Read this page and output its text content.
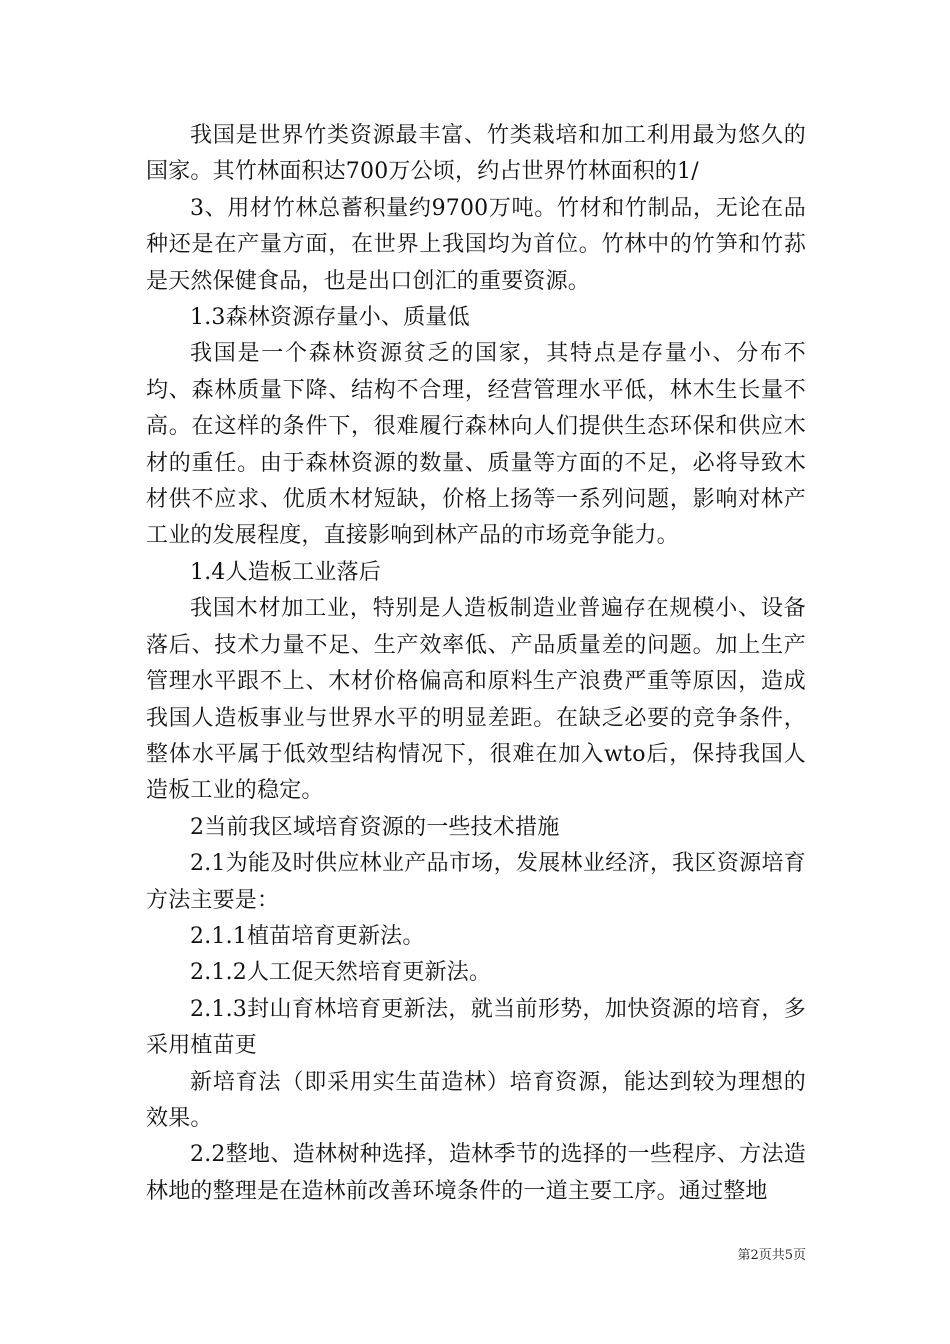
我国是世界竹类资源最丰富、竹类栽培和加工利用最为悠久的国家。其竹林面积达700万公顷，约占世界竹林面积的1/

3、用材竹林总蓄积量约9700万吨。竹材和竹制品，无论在品种还是在产量方面，在世界上我国均为首位。竹林中的竹笋和竹荪是天然保健食品，也是出口创汇的重要资源。

1.3森林资源存量小、质量低

我国是一个森林资源贫乏的国家，其特点是存量小、分布不均、森林质量下降、结构不合理，经营管理水平低，林木生长量不高。在这样的条件下，很难履行森林向人们提供生态环保和供应木材的重任。由于森林资源的数量、质量等方面的不足，必将导致木材供不应求、优质木材短缺，价格上扬等一系列问题，影响对林产工业的发展程度，直接影响到林产品的市场竞争能力。

1.4人造板工业落后

我国木材加工业，特别是人造板制造业普遍存在规模小、设备落后、技术力量不足、生产效率低、产品质量差的问题。加上生产管理水平跟不上、木材价格偏高和原料生产浪费严重等原因，造成我国人造板事业与世界水平的明显差距。在缺乏必要的竞争条件，整体水平属于低效型结构情况下，很难在加入wto后，保持我国人造板工业的稳定。

2当前我区域培育资源的一些技术措施

2.1为能及时供应林业产品市场，发展林业经济，我区资源培育方法主要是：

2.1.1植苗培育更新法。

2.1.2人工促天然培育更新法。

2.1.3封山育林培育更新法，就当前形势，加快资源的培育，多采用植苗更

新培育法（即采用实生苗造林）培育资源，能达到较为理想的效果。

2.2整地、造林树种选择，造林季节的选择的一些程序、方法造林地的整理是在造林前改善环境条件的一道主要工序。通过整地

第2页共5页
